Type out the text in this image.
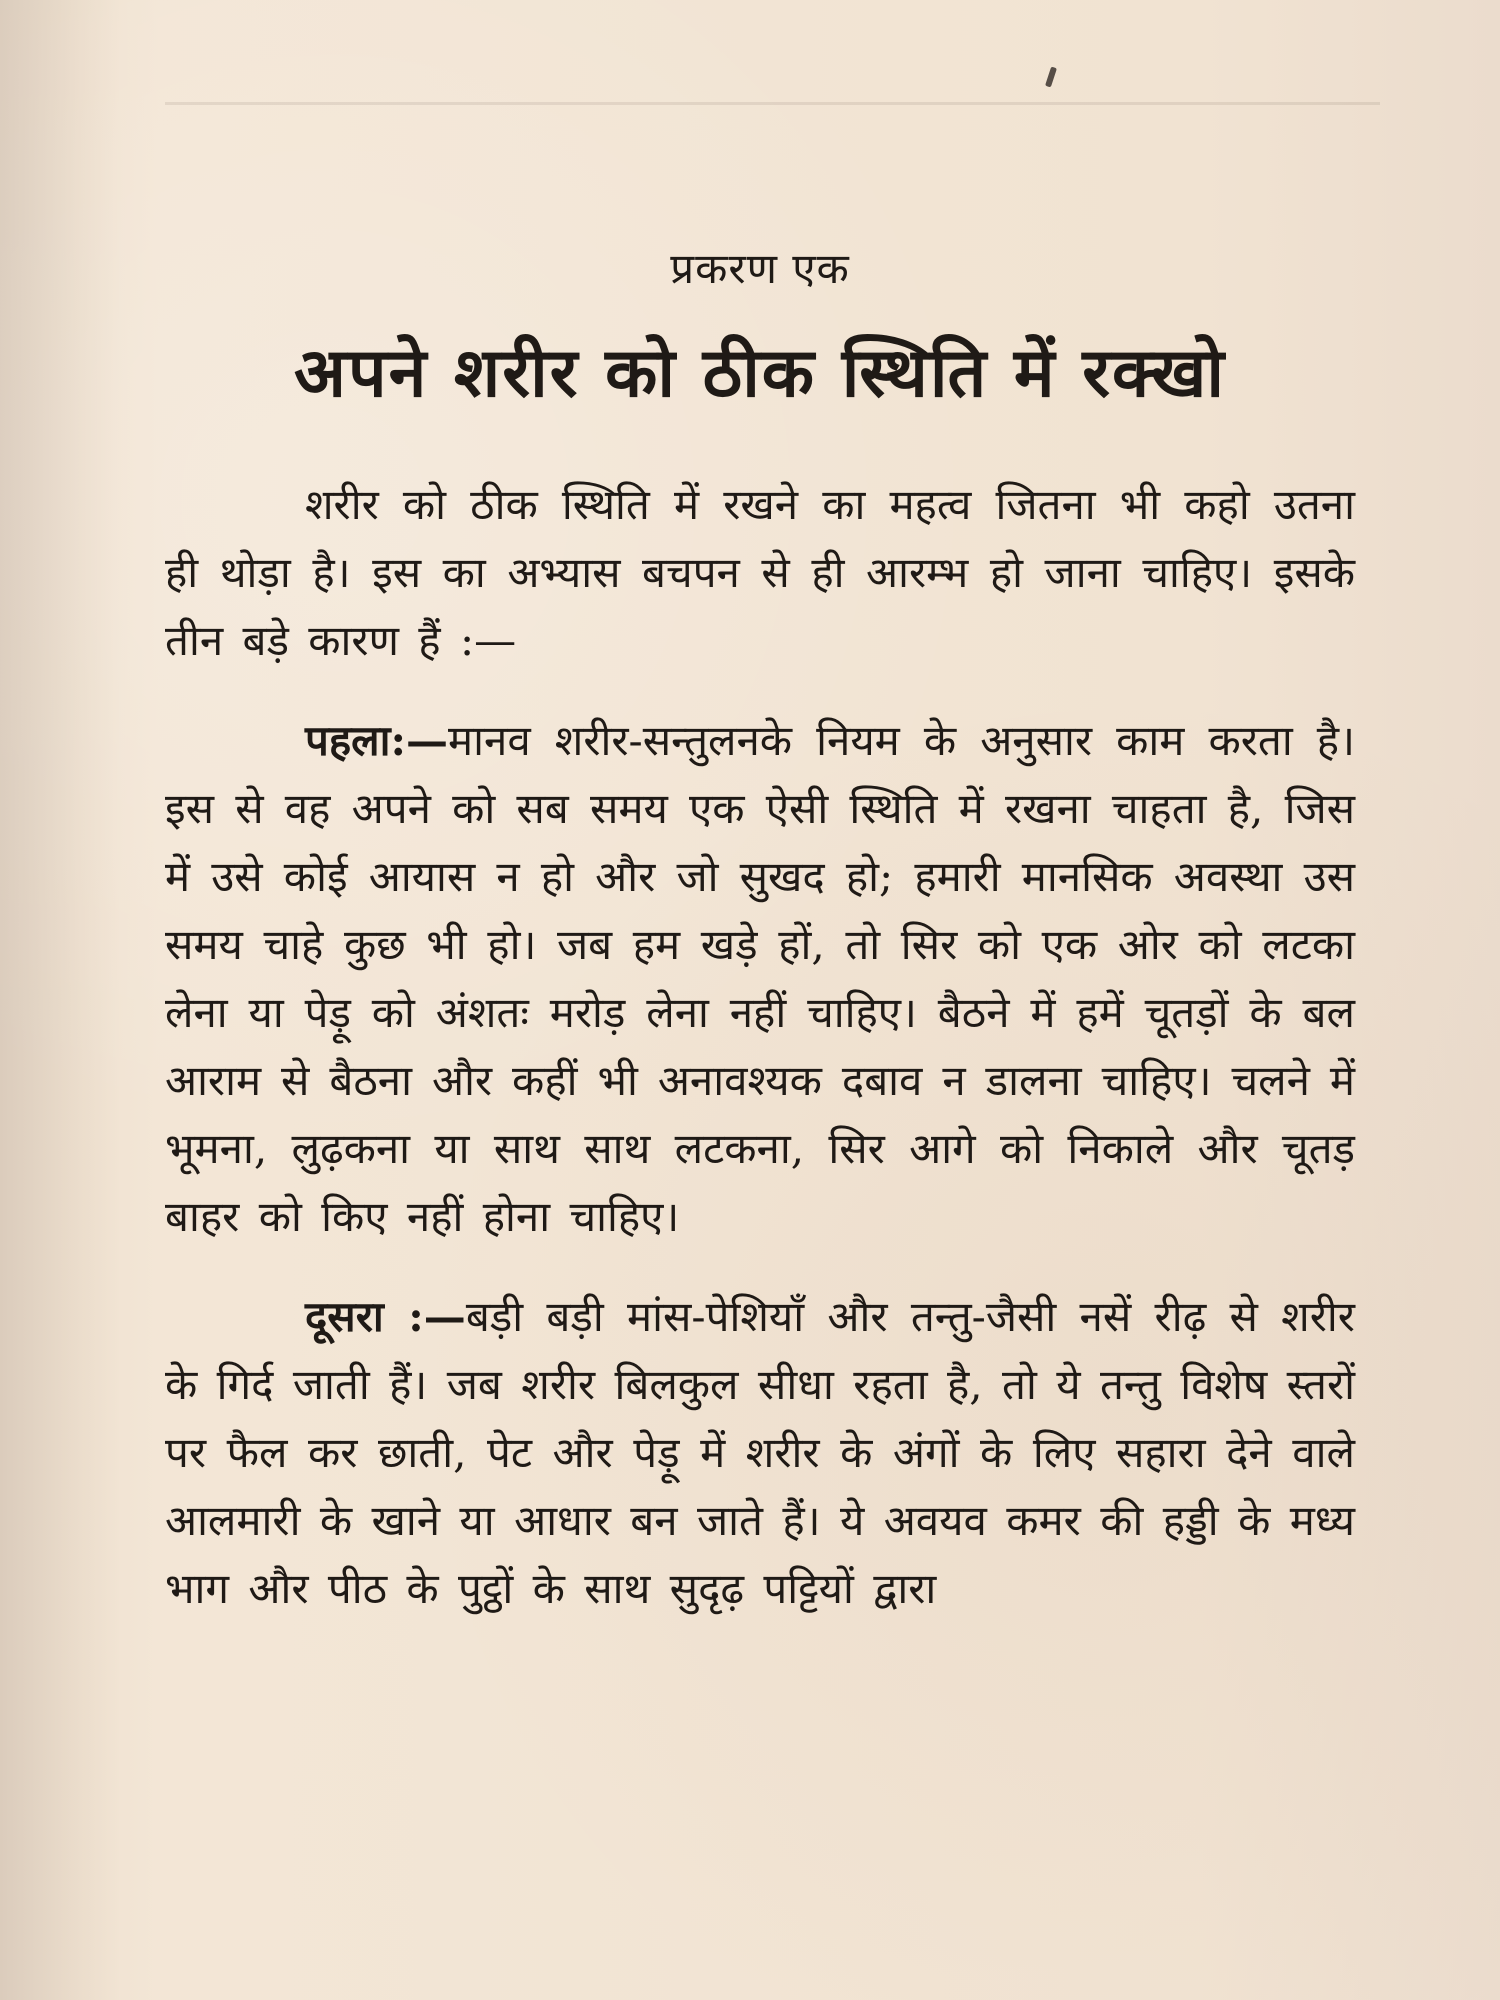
प्रकरण एक
अपने शरीर को ठीक स्थिति में रक्खो

शरीर को ठीक स्थिति में रखने का महत्व जितना भी कहो उतना ही थोड़ा है। इस का अभ्यास बचपन से ही आरम्भ हो जाना चाहिए। इसके तीन बड़े कारण हैं :—

पहला:—मानव शरीर-सन्तुलनके नियम के अनुसार काम करता है। इस से वह अपने को सब समय एक ऐसी स्थिति में रखना चाहता है, जिस में उसे कोई आयास न हो और जो सुखद हो; हमारी मानसिक अवस्था उस समय चाहे कुछ भी हो। जब हम खड़े हों, तो सिर को एक ओर को लटका लेना या पेड़ू को अंशतः मरोड़ लेना नहीं चाहिए। बैठने में हमें चूतड़ों के बल आराम से बैठना और कहीं भी अनावश्यक दबाव न डालना चाहिए। चलने में भूमना, लुढ़कना या साथ साथ लटकना, सिर आगे को निकाले और चूतड़ बाहर को किए नहीं होना चाहिए।

दूसरा :—बड़ी बड़ी मांस-पेशियाँ और तन्तु-जैसी नसें रीढ़ से शरीर के गिर्द जाती हैं। जब शरीर बिलकुल सीधा रहता है, तो ये तन्तु विशेष स्तरों पर फैल कर छाती, पेट और पेड़ू में शरीर के अंगों के लिए सहारा देने वाले आलमारी के खाने या आधार बन जाते हैं। ये अवयव कमर की हड्डी के मध्य भाग और पीठ के पुट्ठों के साथ सुदृढ़ पट्टियों द्वारा
